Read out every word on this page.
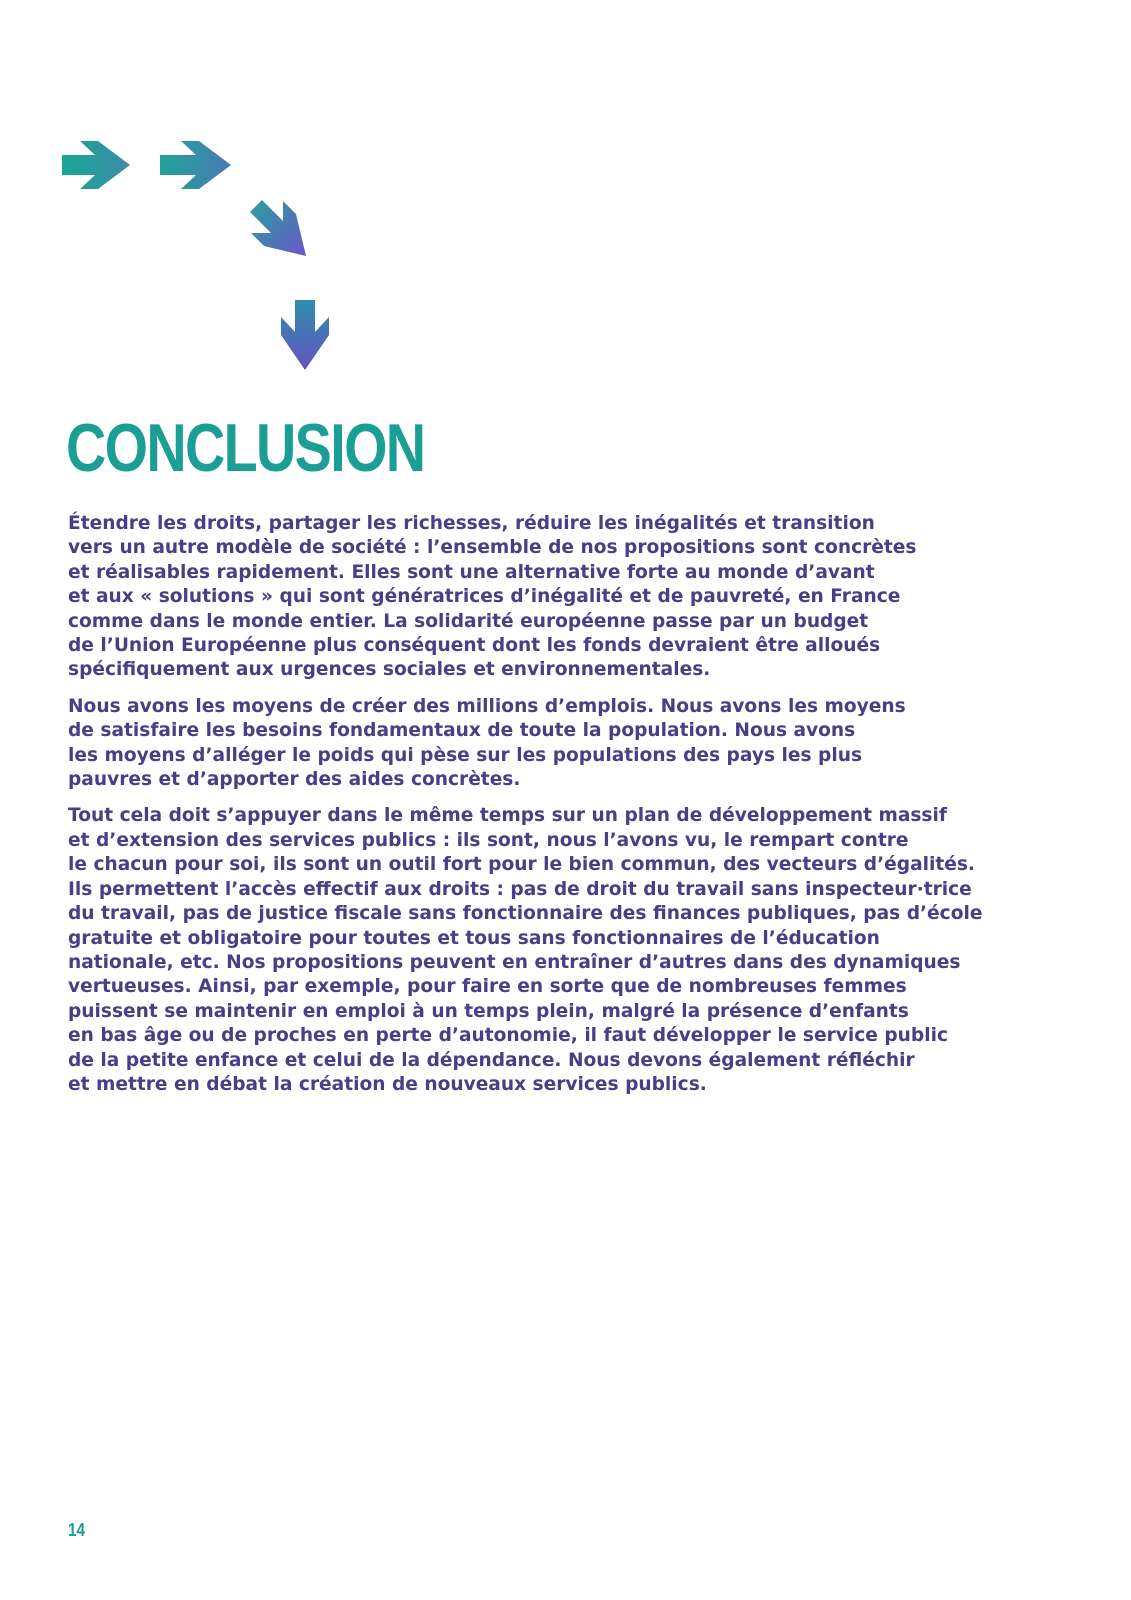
CONCLUSION

Étendre les droits, partager les richesses, réduire les inégalités et transition
vers un autre modèle de société : l’ensemble de nos propositions sont concrètes
et réalisables rapidement. Elles sont une alternative forte au monde d’avant
et aux « solutions » qui sont génératrices d’inégalité et de pauvreté, en France
comme dans le monde entier. La solidarité européenne passe par un budget
de l’Union Européenne plus conséquent dont les fonds devraient être alloués
spécifiquement aux urgences sociales et environnementales.

Nous avons les moyens de créer des millions d’emplois. Nous avons les moyens
de satisfaire les besoins fondamentaux de toute la population. Nous avons
les moyens d’alléger le poids qui pèse sur les populations des pays les plus
pauvres et d’apporter des aides concrètes.

Tout cela doit s’appuyer dans le même temps sur un plan de développement massif
et d’extension des services publics : ils sont, nous l’avons vu, le rempart contre
le chacun pour soi, ils sont un outil fort pour le bien commun, des vecteurs d’égalités.
Ils permettent l’accès effectif aux droits : pas de droit du travail sans inspecteur·trice
du travail, pas de justice fiscale sans fonctionnaire des finances publiques, pas d’école
gratuite et obligatoire pour toutes et tous sans fonctionnaires de l’éducation
nationale, etc. Nos propositions peuvent en entraîner d’autres dans des dynamiques
vertueuses. Ainsi, par exemple, pour faire en sorte que de nombreuses femmes
puissent se maintenir en emploi à un temps plein, malgré la présence d’enfants
en bas âge ou de proches en perte d’autonomie, il faut développer le service public
de la petite enfance et celui de la dépendance. Nous devons également réfléchir
et mettre en débat la création de nouveaux services publics.

14
